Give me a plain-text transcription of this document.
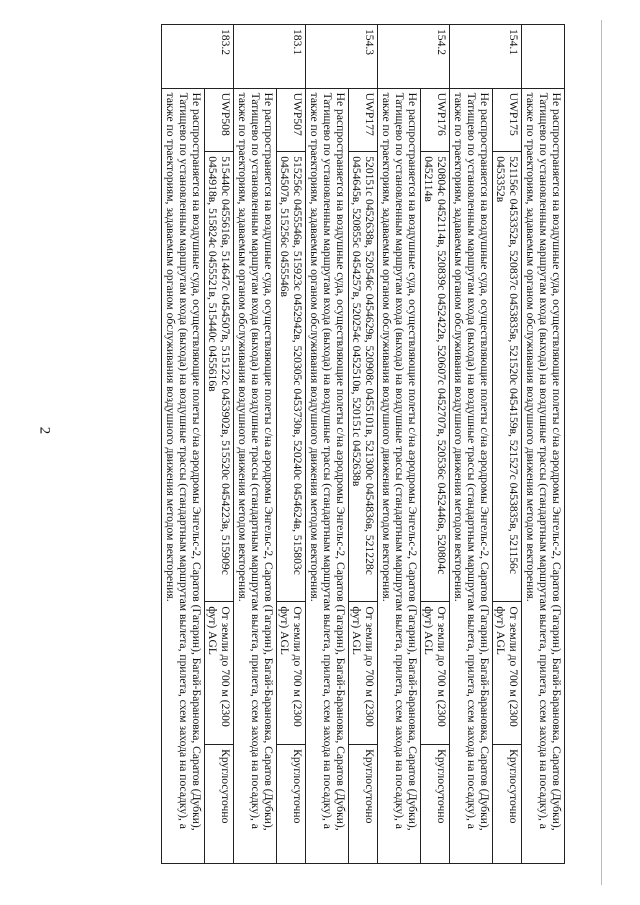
2
		Не распространяется на воздушные суда, осуществляющие полеты с/на аэродромы Энгельс-2, Саратов (Гагарин), Багай-Барановка, Саратов (Дубки), Татищево по установленным маршрутам входа (выхода) на воздушные трассы (стандартным маршрутам вылета, прилета, схем захода на посадку), а также по траекториям, задаваемым органом обслуживания воздушного движения методом векторения.			
154.1	UWP175	521156с 0453352в, 520837с 0453835в, 521520с 0454159в, 521527с 0453835в, 521156с 0453352в	От земли до 700 м (2300 фут) AGL	Круглосуточно
	Не распространяется на воздушные суда, осуществляющие полеты с/на аэродромы Энгельс-2, Саратов (Гагарин), Багай-Барановка, Саратов (Дубки), Татищево по установленным маршрутам входа (выхода) на воздушные трассы (стандартным маршрутам вылета, прилета, схем захода на посадку), а также по траекториям, задаваемым органом обслуживания воздушного движения методом векторения.			
154.2	UWP176	520804с 0452114в, 520839с 0452422в, 520607с 0452707в, 520536с 0452446в, 520804с 0452114в	От земли до 700 м (2300 фут) AGL	Круглосуточно
	Не распространяется на воздушные суда, осуществляющие полеты с/на аэродромы Энгельс-2, Саратов (Гагарин), Багай-Барановка, Саратов (Дубки), Татищево по установленным маршрутам входа (выхода) на воздушные трассы (стандартным маршрутам вылета, прилета, схем захода на посадку), а также по траекториям, задаваемым органом обслуживания воздушного движения методом векторения.			
154.3	UWP177	520151с 0452638в, 520546с 0454629в, 520908с 0455101в, 521300с 0454836в, 521228с 0454645в, 520855с 0454257в, 520254с 0452510в, 520151с 0452638в	От земли до 700 м (2300 фут) AGL	Круглосуточно
	Не распространяется на воздушные суда, осуществляющие полеты с/на аэродромы Энгельс-2, Саратов (Гагарин), Багай-Барановка, Саратов (Дубки), Татищево по установленным маршрутам входа (выхода) на воздушные трассы (стандартным маршрутам вылета, прилета, схем захода на посадку), а также по траекториям, задаваемым органом обслуживания воздушного движения методом векторения.			
183.1	UWP507	515256с 0455546в, 515923с 0452942в, 520305с 0453730в, 520240с 0454624в, 515803с 0454507в, 515256с 0455546в	От земли до 700 м (2300 фут) AGL	Круглосуточно
	Не распространяется на воздушные суда, осуществляющие полеты с/на аэродромы Энгельс-2, Саратов (Гагарин), Багай-Барановка, Саратов (Дубки), Татищево по установленным маршрутам входа (выхода) на воздушные трассы (стандартным маршрутам вылета, прилета, схем захода на посадку), а также по траекториям, задаваемым органом обслуживания воздушного движения методом векторения.			
183.2	UWP508	515440с 0455616в, 514647с 0454507в, 515122с 0453902в, 515520с 0454223в, 515909с 0454918в, 515824с 0455521в, 515440с 0455616в	От земли до 700 м (2300 фут) AGL	Круглосуточно
	Не распространяется на воздушные суда, осуществляющие полеты с/на аэродромы Энгельс-2, Саратов (Гагарин), Багай-Барановка, Саратов (Дубки), Татищево по установленным маршрутам входа (выхода) на воздушные трассы (стандартным маршрутам вылета, прилета, схем захода на посадку), а также по траекториям, задаваемым органом обслуживания воздушного движения методом векторения.			
